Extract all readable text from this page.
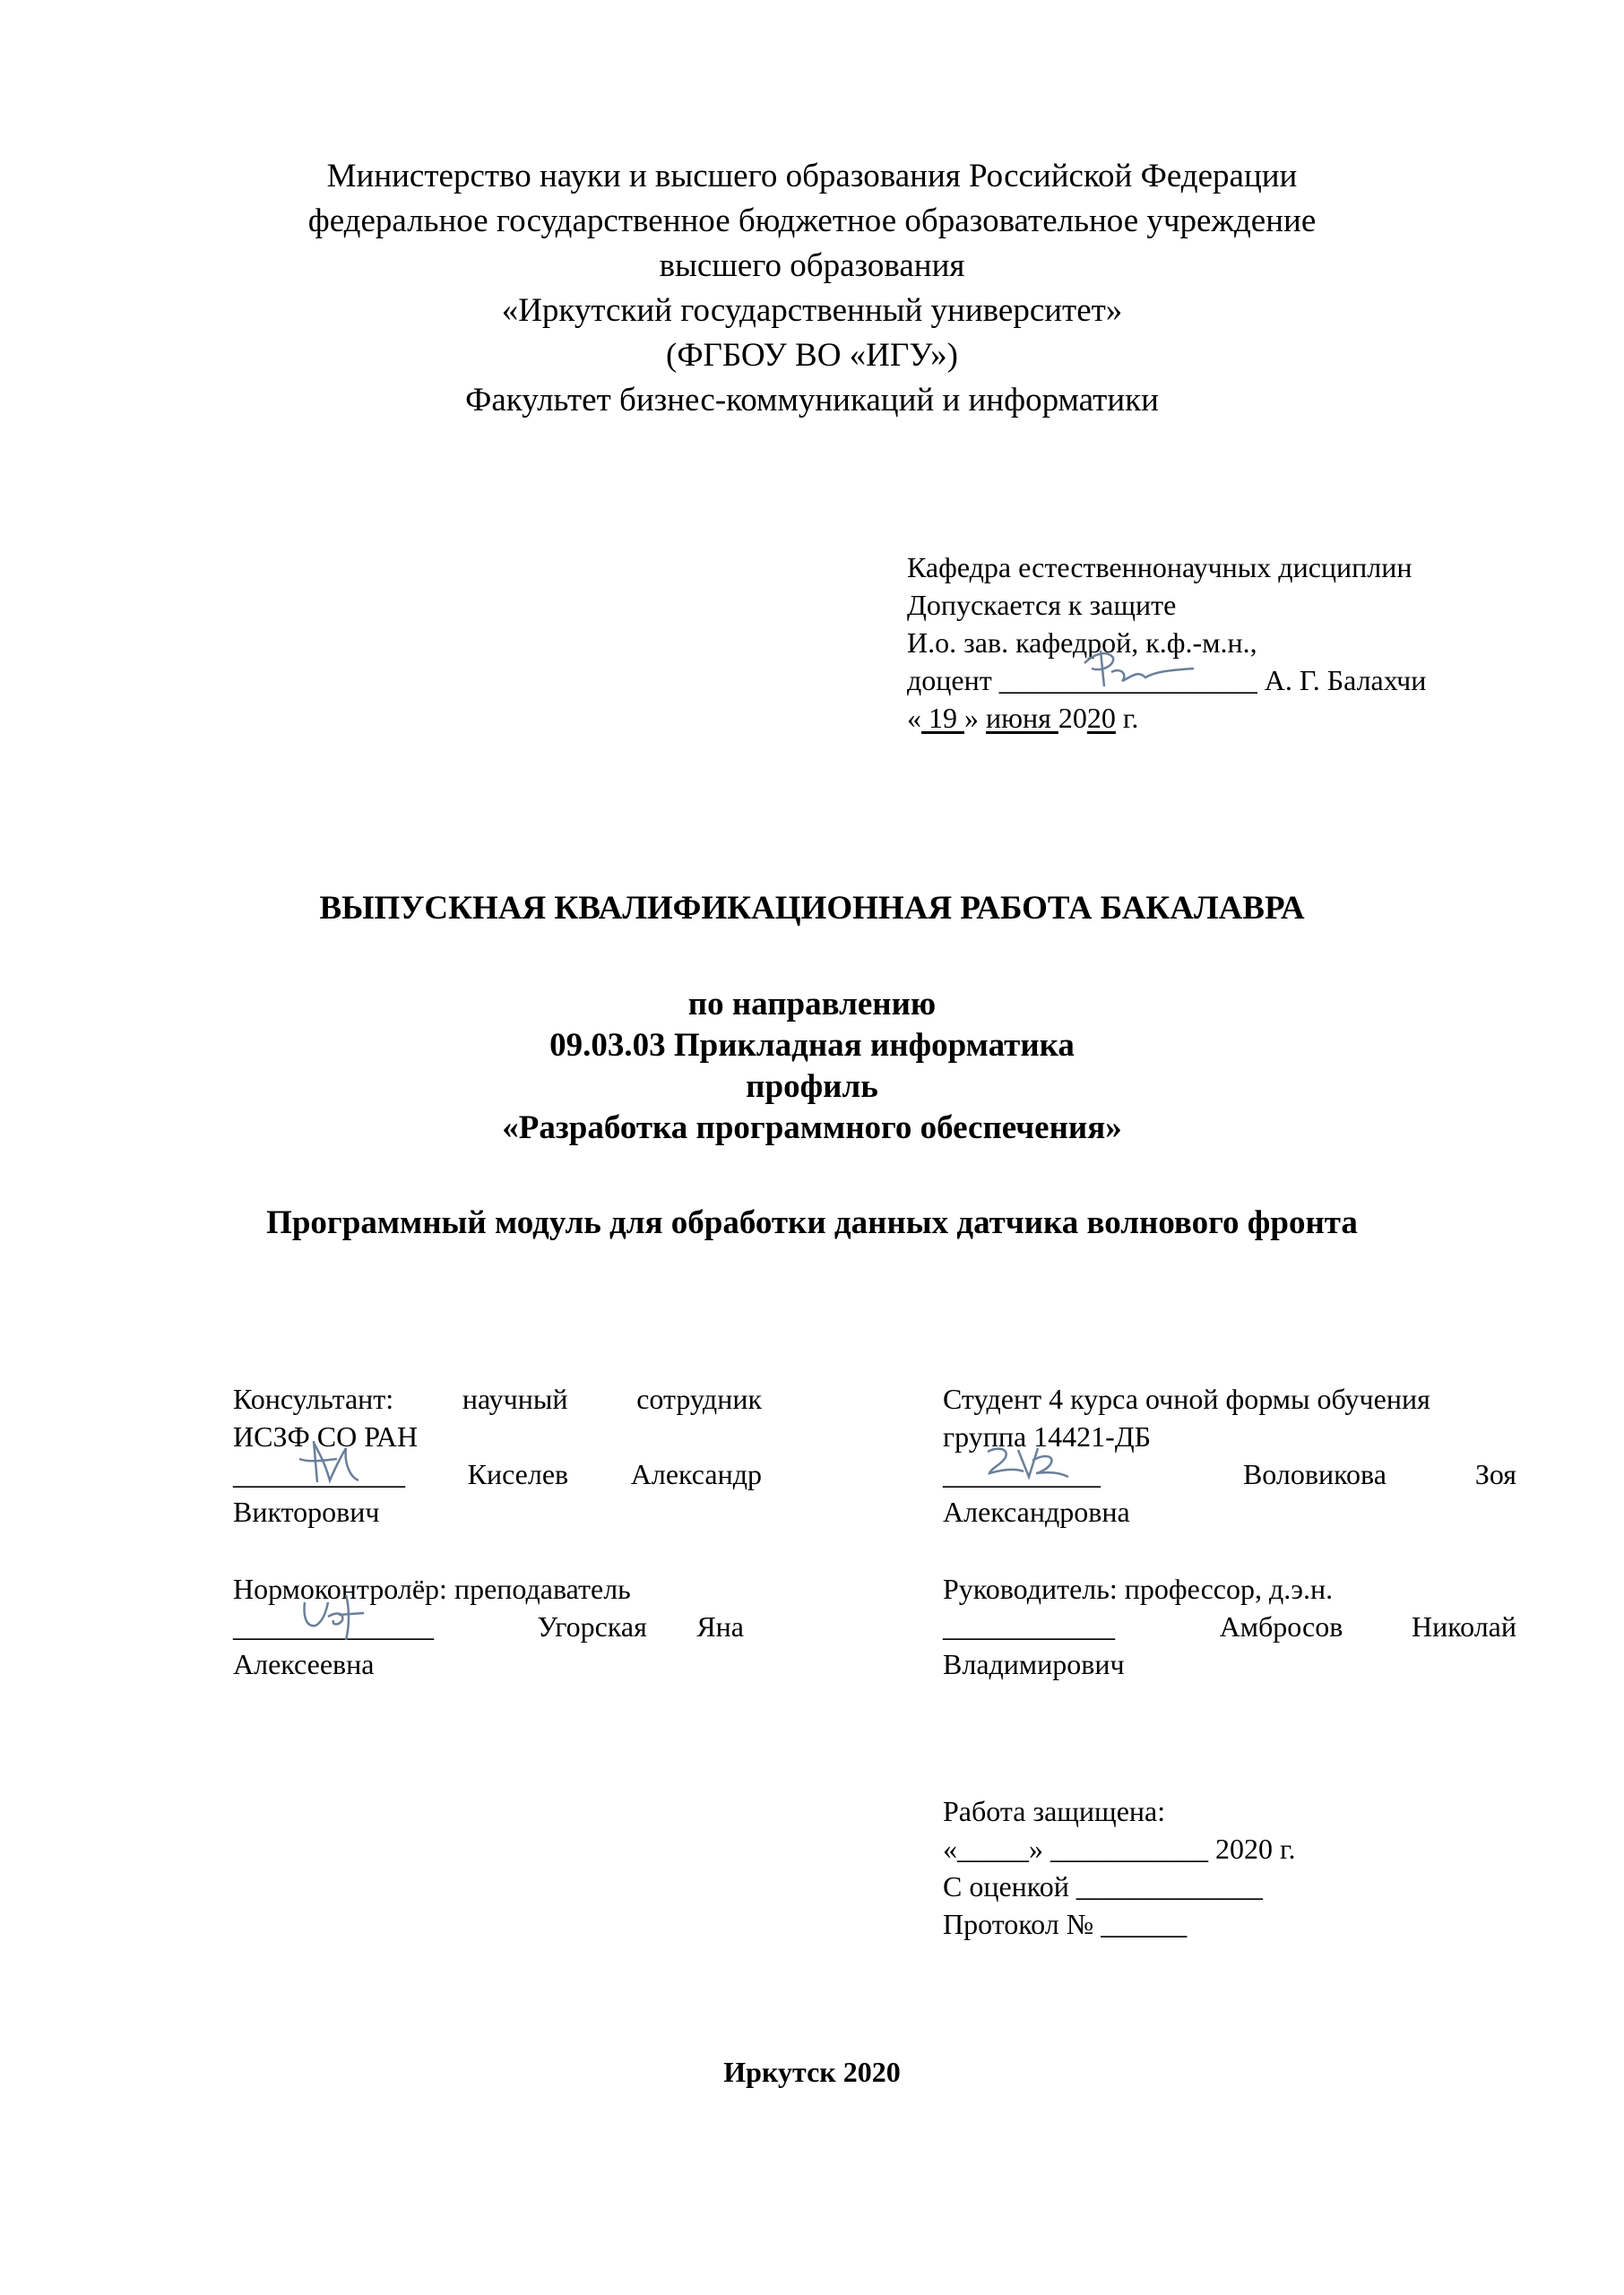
Министерство науки и высшего образования Российской Федерации
федеральное государственное бюджетное образовательное учреждение
высшего образования
«Иркутский государственный университет»
(ФГБОУ ВО «ИГУ»)
Факультет бизнес-коммуникаций и информатики
Кафедра естественнонаучных дисциплин
Допускается к защите
И.о. зав. кафедрой, к.ф.-м.н.,
доцент __________________ А. Г. Балахчи
« 19 » июня 2020 г.
ВЫПУСКНАЯ КВАЛИФИКАЦИОННАЯ РАБОТА БАКАЛАВРА
по направлению
09.03.03 Прикладная информатика
профиль
«Разработка программного обеспечения»
Программный модуль для обработки данных датчика волнового фронта
Консультант: научный сотрудник
ИСЗФ СО РАН
____________ Киселев Александр
Викторович
Студент 4 курса очной формы обучения
группа 14421-ДБ
___________	Воловикова	Зоя
Александровна
Нормоконтролёр: преподаватель
______________	Угорская Яна
Алексеевна
Руководитель: профессор, д.э.н.
____________	Амбросов Николай
Владимирович
Работа защищена:
«_____» ___________ 2020 г.
С оценкой _____________
Протокол № ______
Иркутск 2020
